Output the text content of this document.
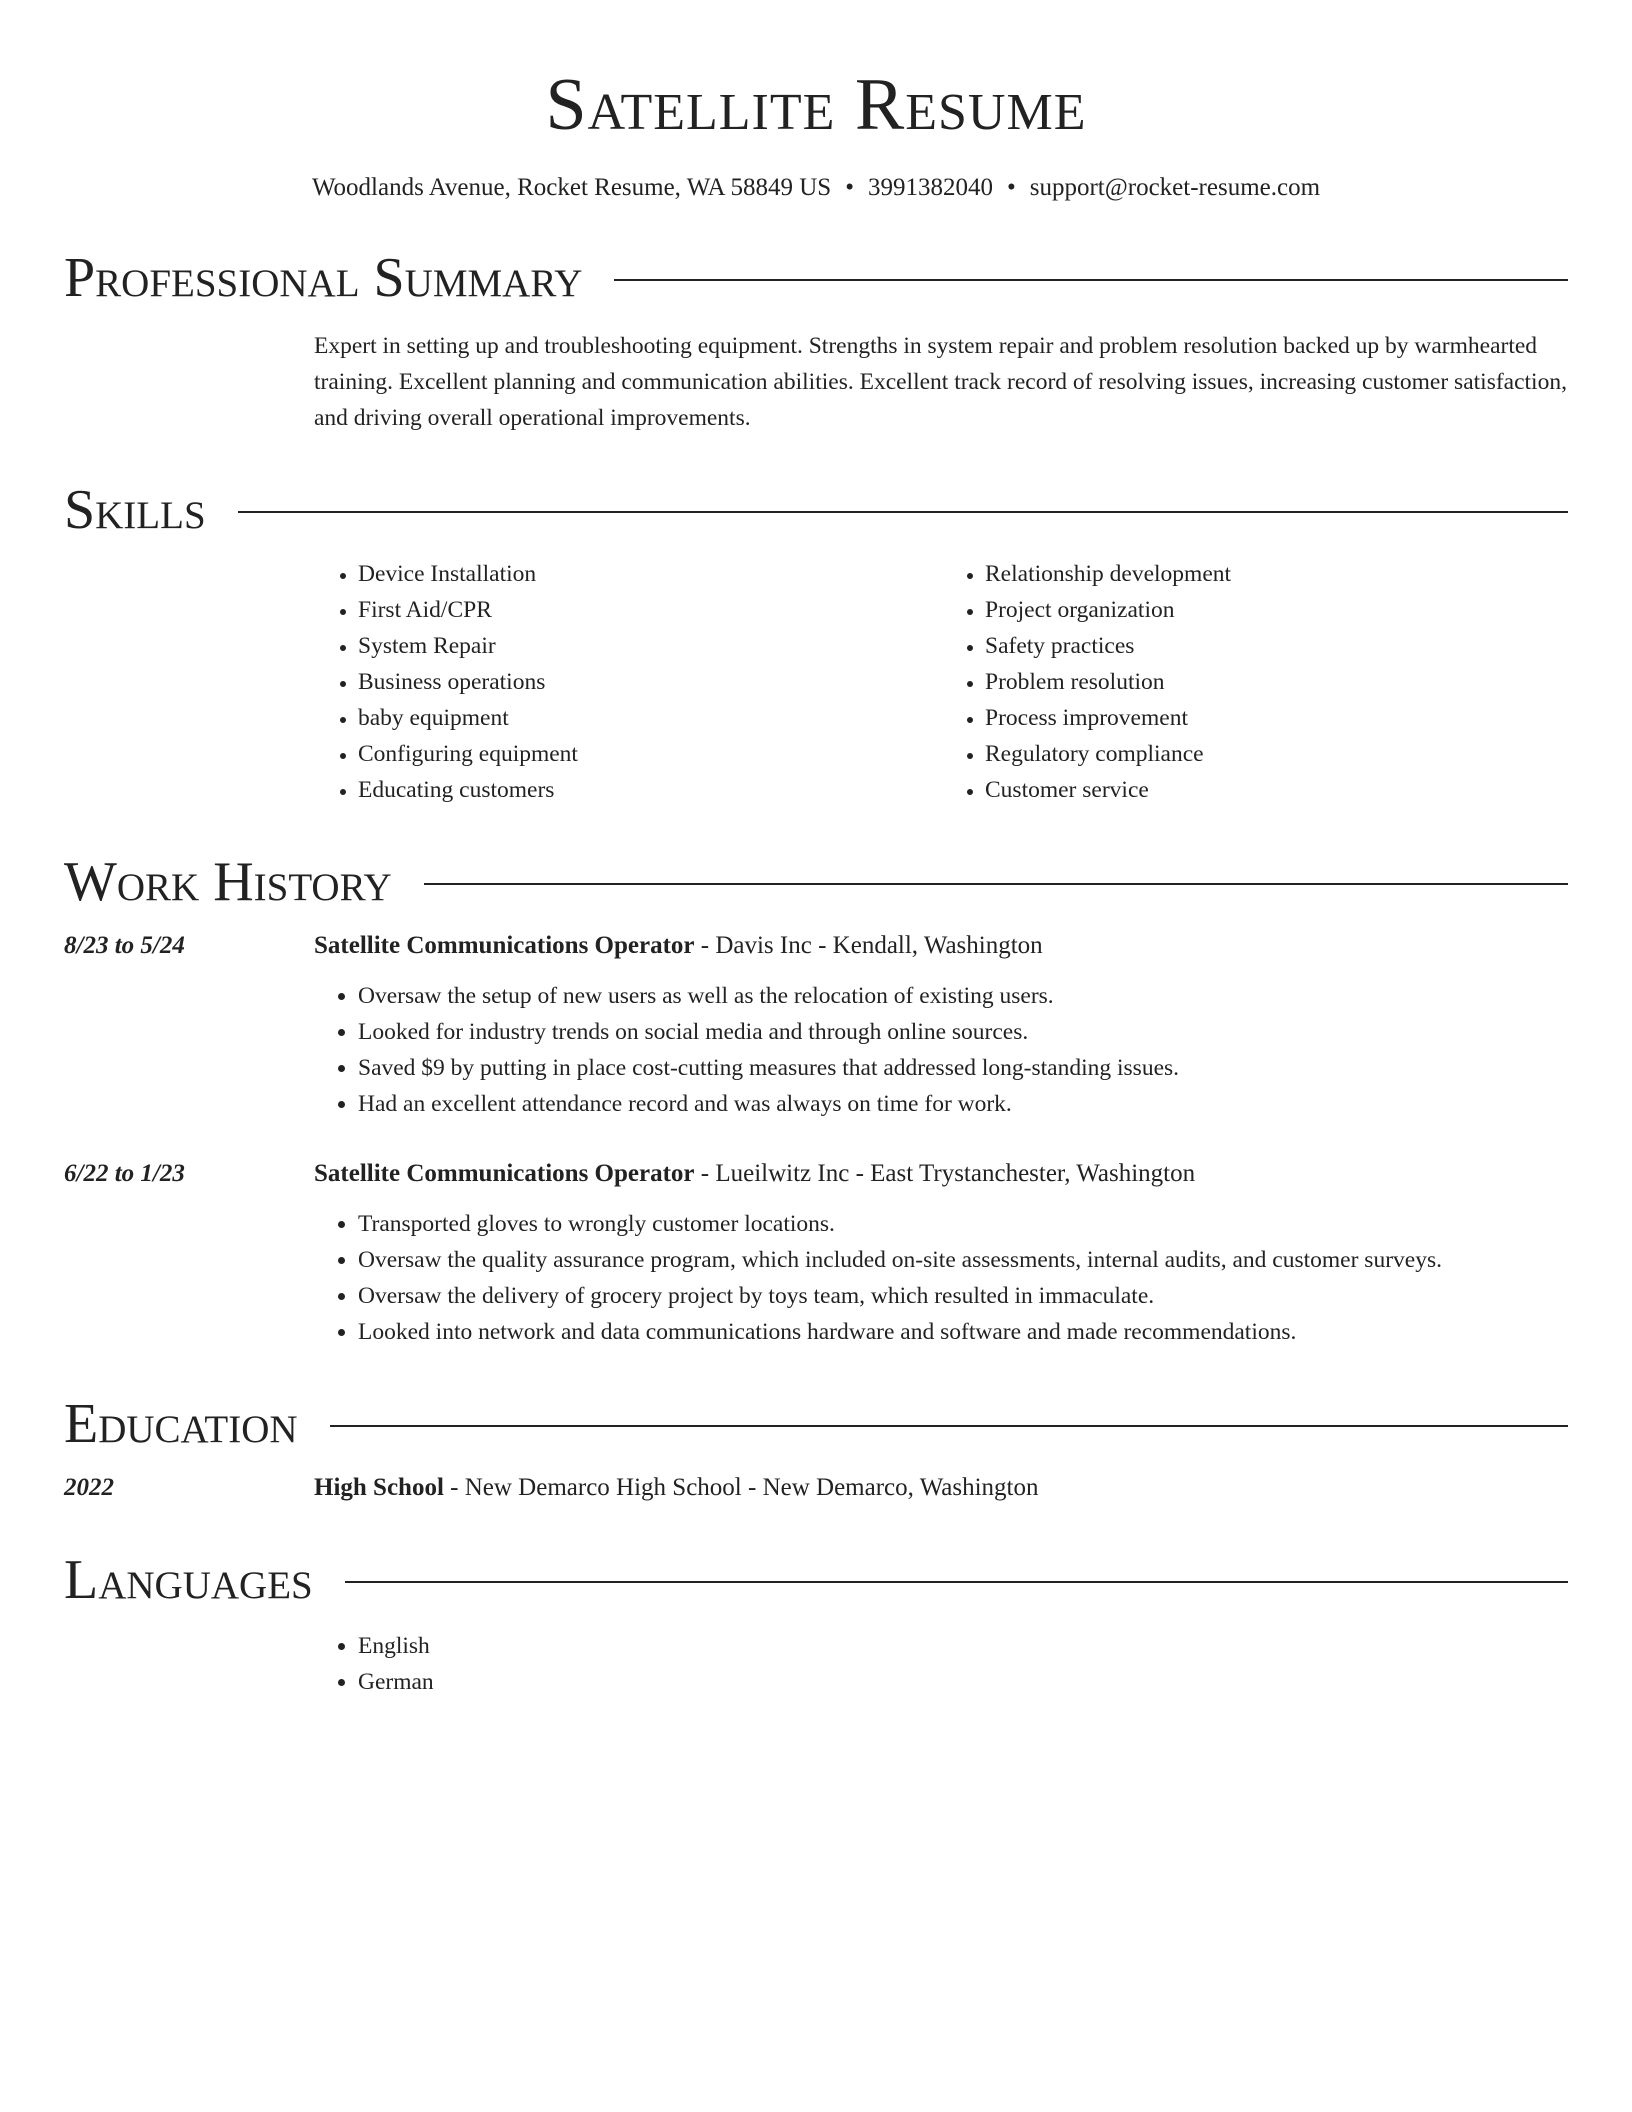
Satellite Resume
Woodlands Avenue, Rocket Resume, WA 58849 US • 3991382040 • support@rocket-resume.com
Professional Summary
Expert in setting up and troubleshooting equipment. Strengths in system repair and problem resolution backed up by warmhearted training. Excellent planning and communication abilities. Excellent track record of resolving issues, increasing customer satisfaction, and driving overall operational improvements.
Skills
• Device Installation
• First Aid/CPR
• System Repair
• Business operations
• baby equipment
• Configuring equipment
• Educating customers
• Relationship development
• Project organization
• Safety practices
• Problem resolution
• Process improvement
• Regulatory compliance
• Customer service
Work History
8/23 to 5/24	Satellite Communications Operator - Davis Inc - Kendall, Washington
• Oversaw the setup of new users as well as the relocation of existing users.
• Looked for industry trends on social media and through online sources.
• Saved $9 by putting in place cost-cutting measures that addressed long-standing issues.
• Had an excellent attendance record and was always on time for work.
6/22 to 1/23	Satellite Communications Operator - Lueilwitz Inc - East Trystanchester, Washington
• Transported gloves to wrongly customer locations.
• Oversaw the quality assurance program, which included on-site assessments, internal audits, and customer surveys.
• Oversaw the delivery of grocery project by toys team, which resulted in immaculate.
• Looked into network and data communications hardware and software and made recommendations.
Education
2022	High School - New Demarco High School - New Demarco, Washington
Languages
• English
• German
